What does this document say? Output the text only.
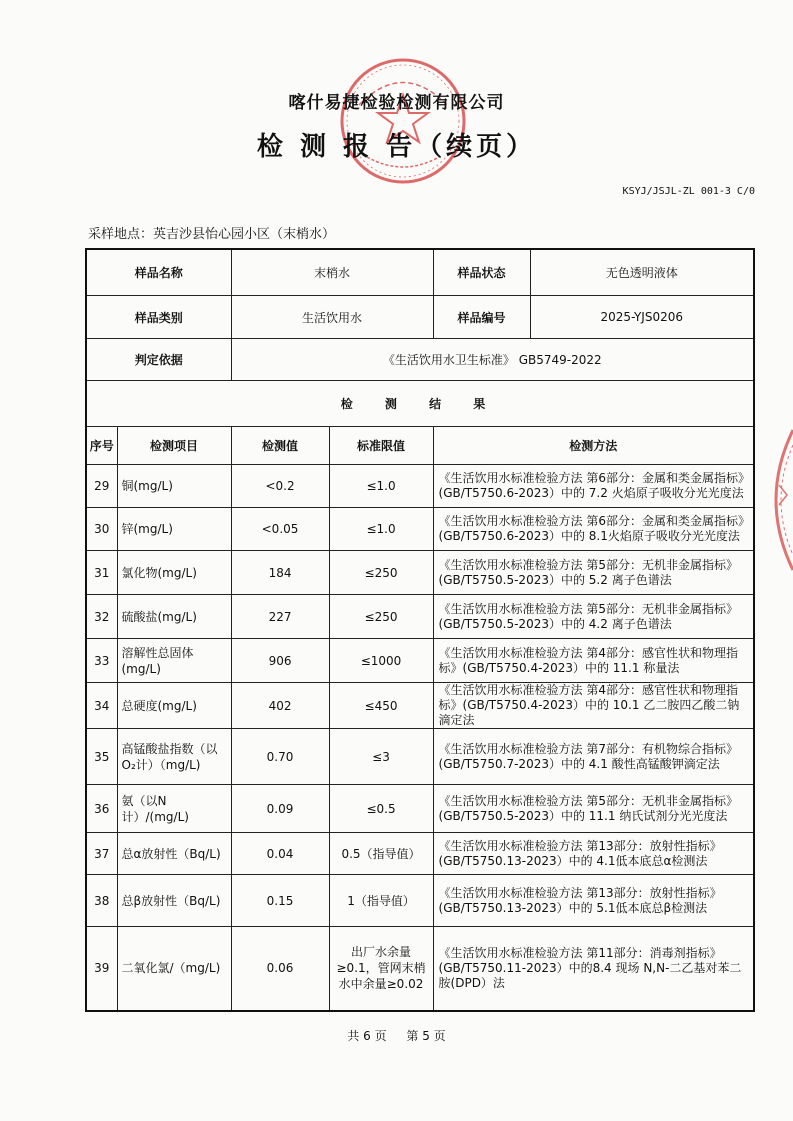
喀什易捷检验检测有限公司
检 测 报 告（续页）
KSYJ/JSJL-ZL 001-3 C/0
采样地点：英吉沙县怡心园小区（末梢水）
样品名称		末梢水		样品状态 无色透明液体

样品类别		生活饮用水		样品编号 2025-YJS0206

判定依据		《生活饮用水卫生标准》 GB5749-2022		
检 测 结 果				
序号	检测项目	检测值	标准限值	检测方法
29	铜(mg/L)	<0.2	≤1.0	《生活饮用水标准检验方法 第6部分：金属和类金属指标》(GB/T5750.6-2023）中的 7.2 火焰原子吸收分光光度法
30	锌(mg/L)	<0.05	≤1.0	《生活饮用水标准检验方法 第6部分：金属和类金属指标》(GB/T5750.6-2023）中的 8.1火焰原子吸收分光光度法
31	氯化物(mg/L)	184	≤250	《生活饮用水标准检验方法 第5部分：无机非金属指标》(GB/T5750.5-2023）中的 5.2 离子色谱法
32	硫酸盐(mg/L)	227	≤250	《生活饮用水标准检验方法 第5部分：无机非金属指标》(GB/T5750.5-2023）中的 4.2 离子色谱法
33	溶解性总固体(mg/L)	906	≤1000	《生活饮用水标准检验方法 第4部分：感官性状和物理指标》(GB/T5750.4-2023）中的 11.1 称量法
34	总硬度(mg/L)	402	≤450	《生活饮用水标准检验方法 第4部分：感官性状和物理指标》(GB/T5750.4-2023）中的 10.1 乙二胺四乙酸二钠滴定法
35	高锰酸盐指数（以O₂计）（mg/L)	0.70	≤3	《生活饮用水标准检验方法 第7部分：有机物综合指标》(GB/T5750.7-2023）中的 4.1 酸性高锰酸钾滴定法
36	氨（以N计）/(mg/L)	0.09	≤0.5	《生活饮用水标准检验方法 第5部分：无机非金属指标》(GB/T5750.5-2023）中的 11.1 纳氏试剂分光光度法
37	总α放射性（Bq/L)	0.04	0.5（指导值）	《生活饮用水标准检验方法 第13部分：放射性指标》(GB/T5750.13-2023）中的 4.1低本底总α检测法
38	总β放射性（Bq/L)	0.15	1（指导值）	《生活饮用水标准检验方法 第13部分：放射性指标》(GB/T5750.13-2023）中的 5.1低本底总β检测法
39	二氧化氯/（mg/L)	0.06	出厂水余量≥0.1，管网末梢水中余量≥0.02	《生活饮用水标准检验方法 第11部分：消毒剂指标》(GB/T5750.11-2023）中的8.4 现场 N,N-二乙基对苯二胺(DPD）法
共 6 页 第 5 页
